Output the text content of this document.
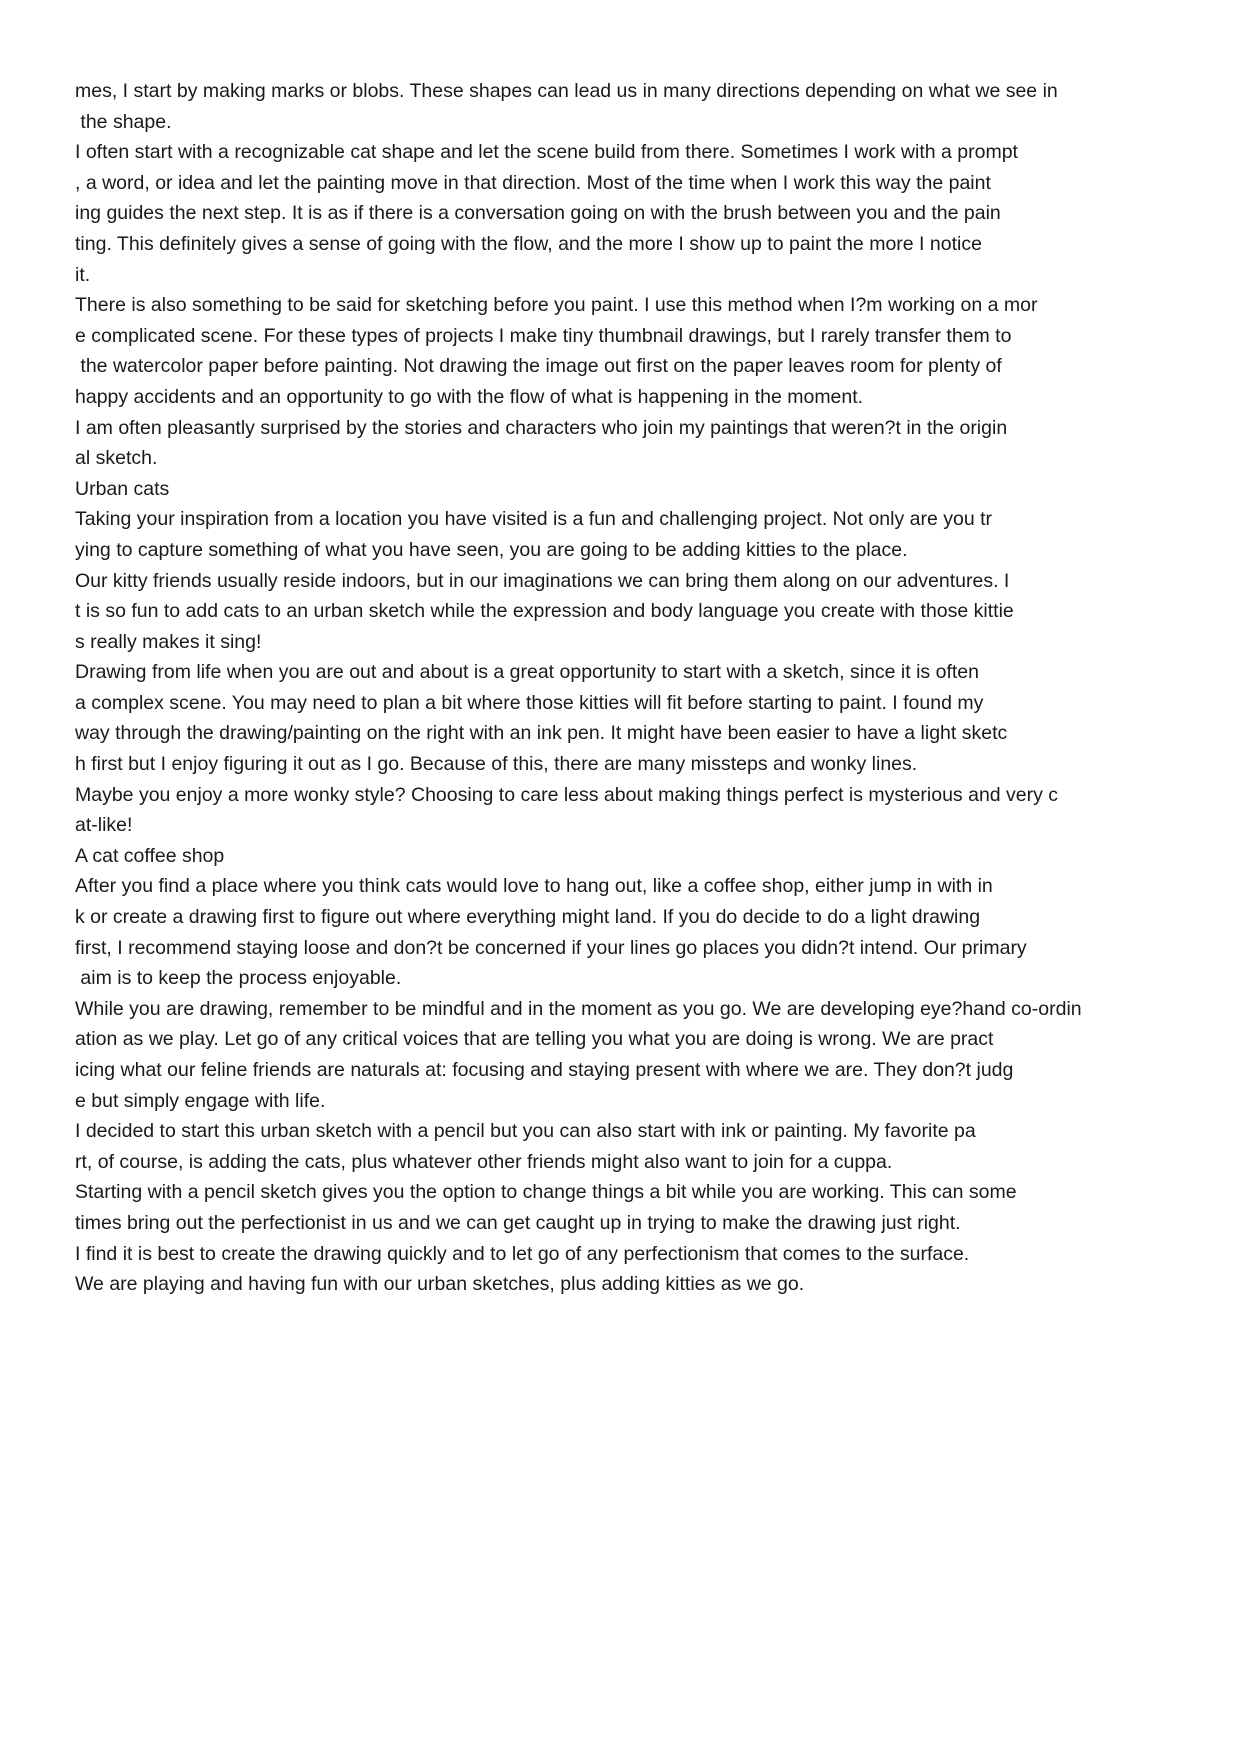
mes, I start by making marks or blobs. These shapes can lead us in many directions depending on what we see in
the shape.
I often start with a recognizable cat shape and let the scene build from there. Sometimes I work with a prompt
, a word, or idea and let the painting move in that direction. Most of the time when I work this way the paint
ing guides the next step. It is as if there is a conversation going on with the brush between you and the pain
ting. This definitely gives a sense of going with the flow, and the more I show up to paint the more I notice
it.
There is also something to be said for sketching before you paint. I use this method when I?m working on a mor
e complicated scene. For these types of projects I make tiny thumbnail drawings, but I rarely transfer them to
the watercolor paper before painting. Not drawing the image out first on the paper leaves room for plenty of
happy accidents and an opportunity to go with the flow of what is happening in the moment.
I am often pleasantly surprised by the stories and characters who join my paintings that weren?t in the origin
al sketch.
Urban cats
Taking your inspiration from a location you have visited is a fun and challenging project. Not only are you tr
ying to capture something of what you have seen, you are going to be adding kitties to the place.
Our kitty friends usually reside indoors, but in our imaginations we can bring them along on our adventures. I
t is so fun to add cats to an urban sketch while the expression and body language you create with those kittie
s really makes it sing!
Drawing from life when you are out and about is a great opportunity to start with a sketch, since it is often
a complex scene. You may need to plan a bit where those kitties will fit before starting to paint. I found my
way through the drawing/painting on the right with an ink pen. It might have been easier to have a light sketc
h first but I enjoy figuring it out as I go. Because of this, there are many missteps and wonky lines.
Maybe you enjoy a more wonky style? Choosing to care less about making things perfect is mysterious and very c
at-like!
A cat coffee shop
After you find a place where you think cats would love to hang out, like a coffee shop, either jump in with in
k or create a drawing first to figure out where everything might land. If you do decide to do a light drawing
first, I recommend staying loose and don?t be concerned if your lines go places you didn?t intend. Our primary
aim is to keep the process enjoyable.
While you are drawing, remember to be mindful and in the moment as you go. We are developing eye?hand co-ordin
ation as we play. Let go of any critical voices that are telling you what you are doing is wrong. We are pract
icing what our feline friends are naturals at: focusing and staying present with where we are. They don?t judg
e but simply engage with life.
I decided to start this urban sketch with a pencil but you can also start with ink or painting. My favorite pa
rt, of course, is adding the cats, plus whatever other friends might also want to join for a cuppa.
Starting with a pencil sketch gives you the option to change things a bit while you are working. This can some
times bring out the perfectionist in us and we can get caught up in trying to make the drawing just right.
I find it is best to create the drawing quickly and to let go of any perfectionism that comes to the surface.
We are playing and having fun with our urban sketches, plus adding kitties as we go.
